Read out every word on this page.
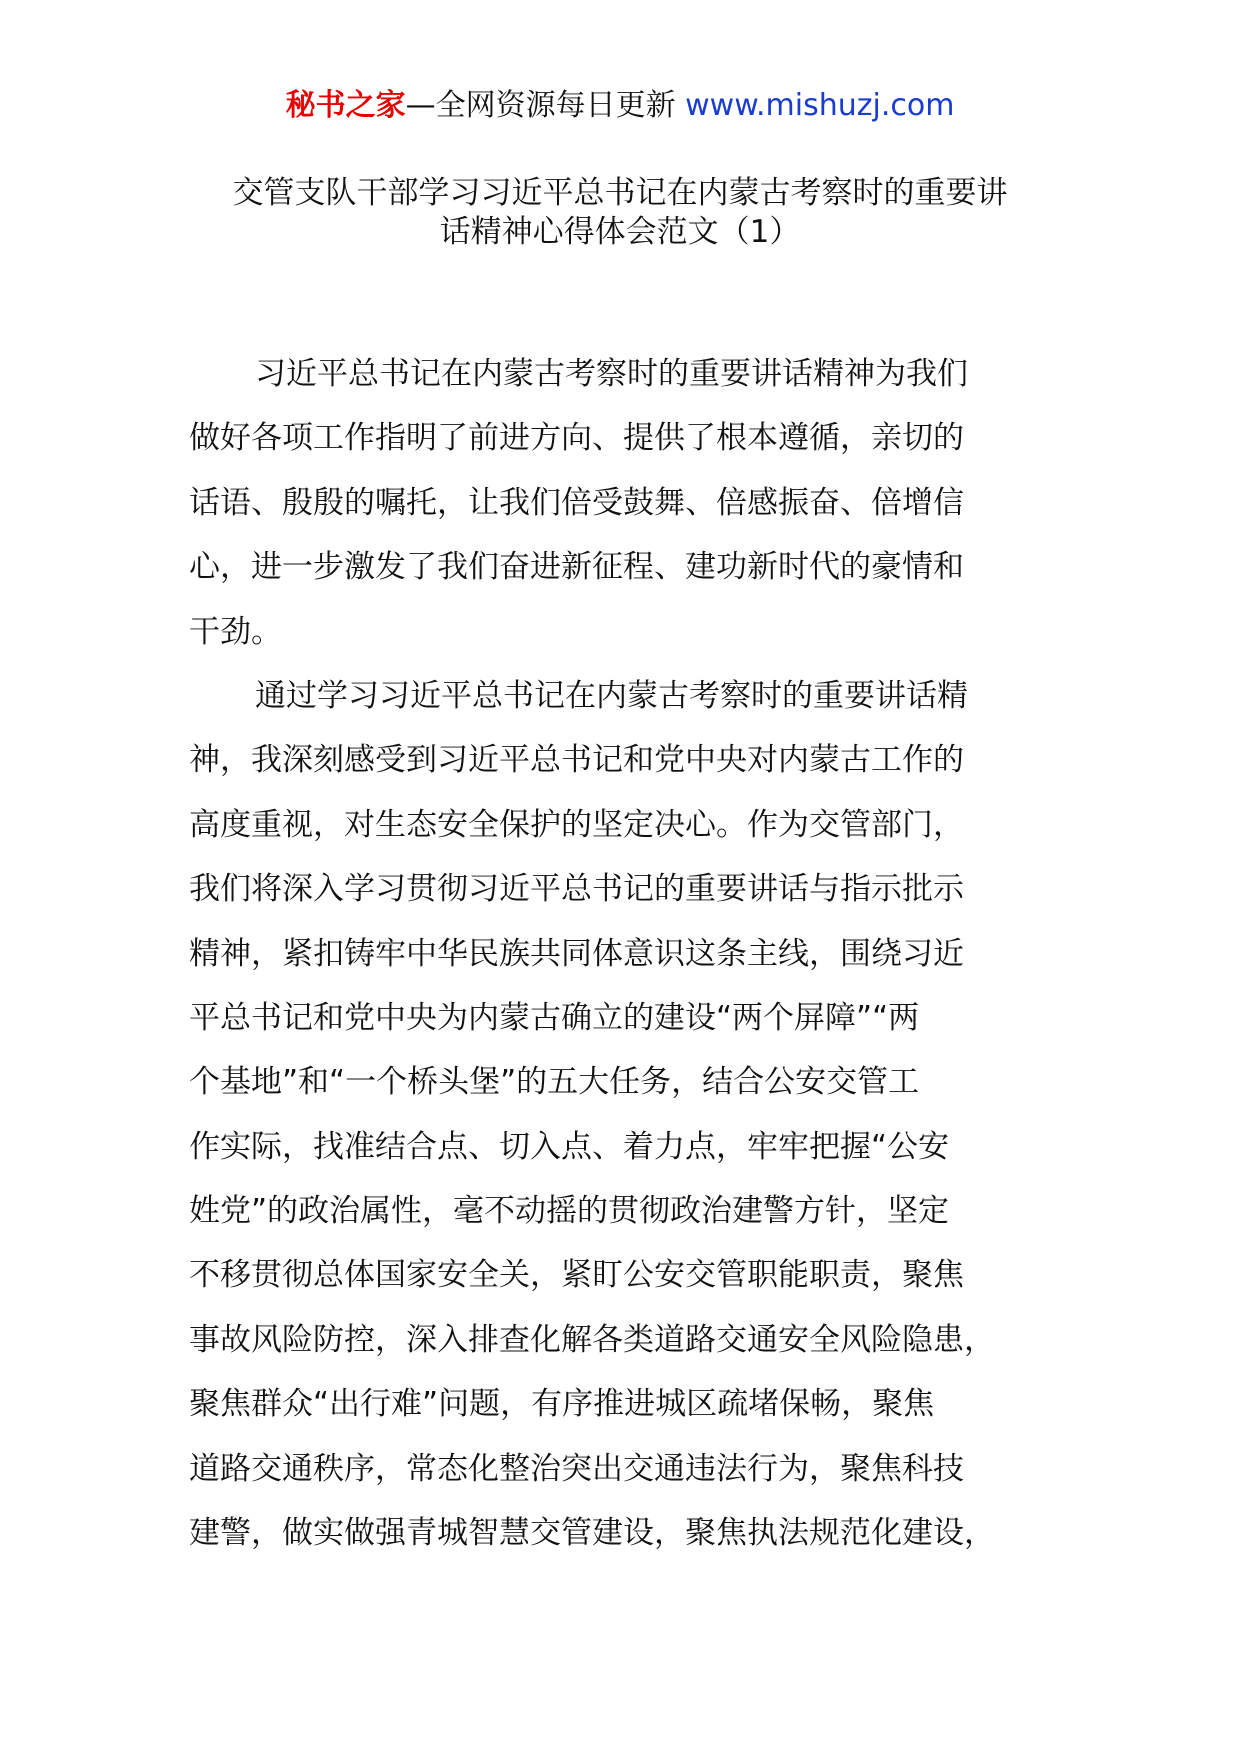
秘书之家—全网资源每日更新 www.mishuzj.com
交管支队干部学习习近平总书记在内蒙古考察时的重要讲
话精神心得体会范文（1）
习近平总书记在内蒙古考察时的重要讲话精神为我们
做好各项工作指明了前进方向、提供了根本遵循，亲切的
话语、殷殷的嘱托，让我们倍受鼓舞、倍感振奋、倍增信
心，进一步激发了我们奋进新征程、建功新时代的豪情和
干劲。
通过学习习近平总书记在内蒙古考察时的重要讲话精
神，我深刻感受到习近平总书记和党中央对内蒙古工作的
高度重视，对生态安全保护的坚定决心。作为交管部门，
我们将深入学习贯彻习近平总书记的重要讲话与指示批示
精神，紧扣铸牢中华民族共同体意识这条主线，围绕习近
平总书记和党中央为内蒙古确立的建设“两个屏障”“两
个基地”和“一个桥头堡”的五大任务，结合公安交管工
作实际，找准结合点、切入点、着力点，牢牢把握“公安
姓党”的政治属性，毫不动摇的贯彻政治建警方针，坚定
不移贯彻总体国家安全关，紧盯公安交管职能职责，聚焦
事故风险防控，深入排查化解各类道路交通安全风险隐患，
聚焦群众“出行难”问题，有序推进城区疏堵保畅，聚焦
道路交通秩序，常态化整治突出交通违法行为，聚焦科技
建警，做实做强青城智慧交管建设，聚焦执法规范化建设，
